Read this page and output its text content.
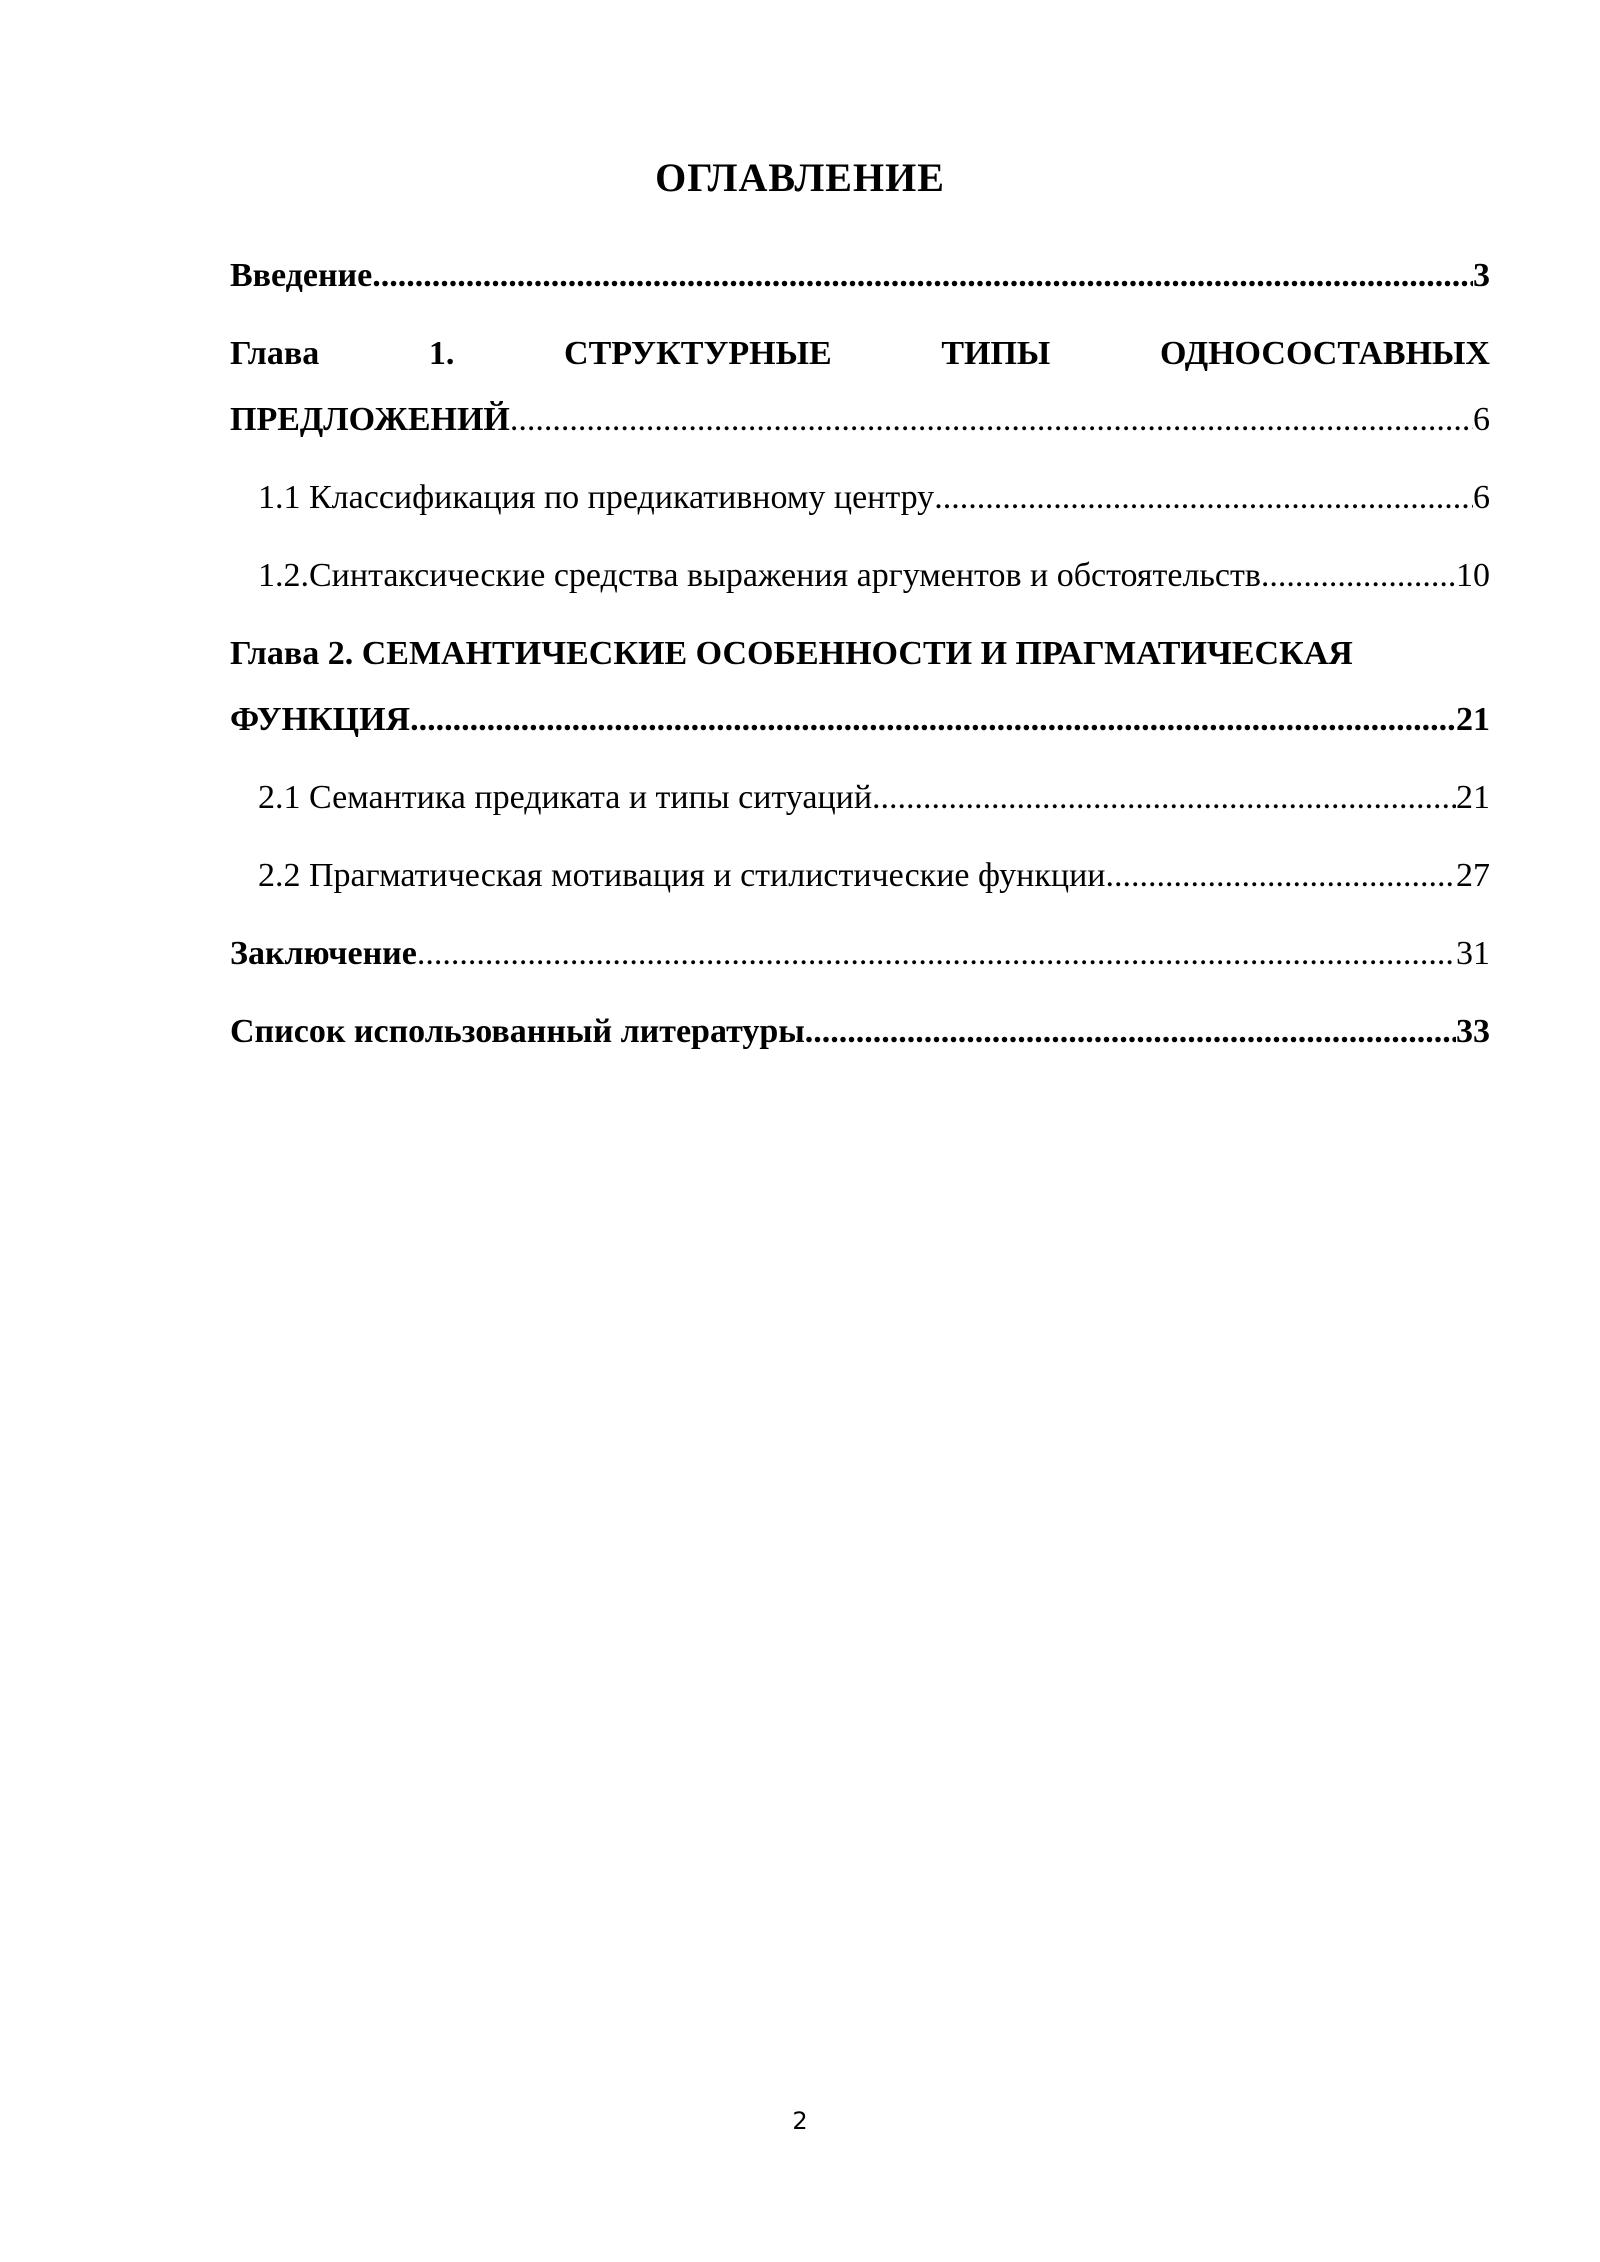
ОГЛАВЛЕНИЕ
Введение .....	3
Глава	1.	СТРУКТУРНЫЕ	ТИПЫ	ОДНОСОСТАВНЫХ
ПРЕДЛОЖЕНИЙ .....	6
1.1 Классификация по предикативному центру .....	6
1.2.Синтаксические средства выражения аргументов и обстоятельств .....	10
Глава 2. СЕМАНТИЧЕСКИЕ ОСОБЕННОСТИ И ПРАГМАТИЧЕСКАЯ
ФУНКЦИЯ .....	21
2.1 Семантика предиката и типы ситуаций .....	21
2.2 Прагматическая мотивация и стилистические функции .....	27
Заключение .....	31
Список использованный литературы .....	33
2
